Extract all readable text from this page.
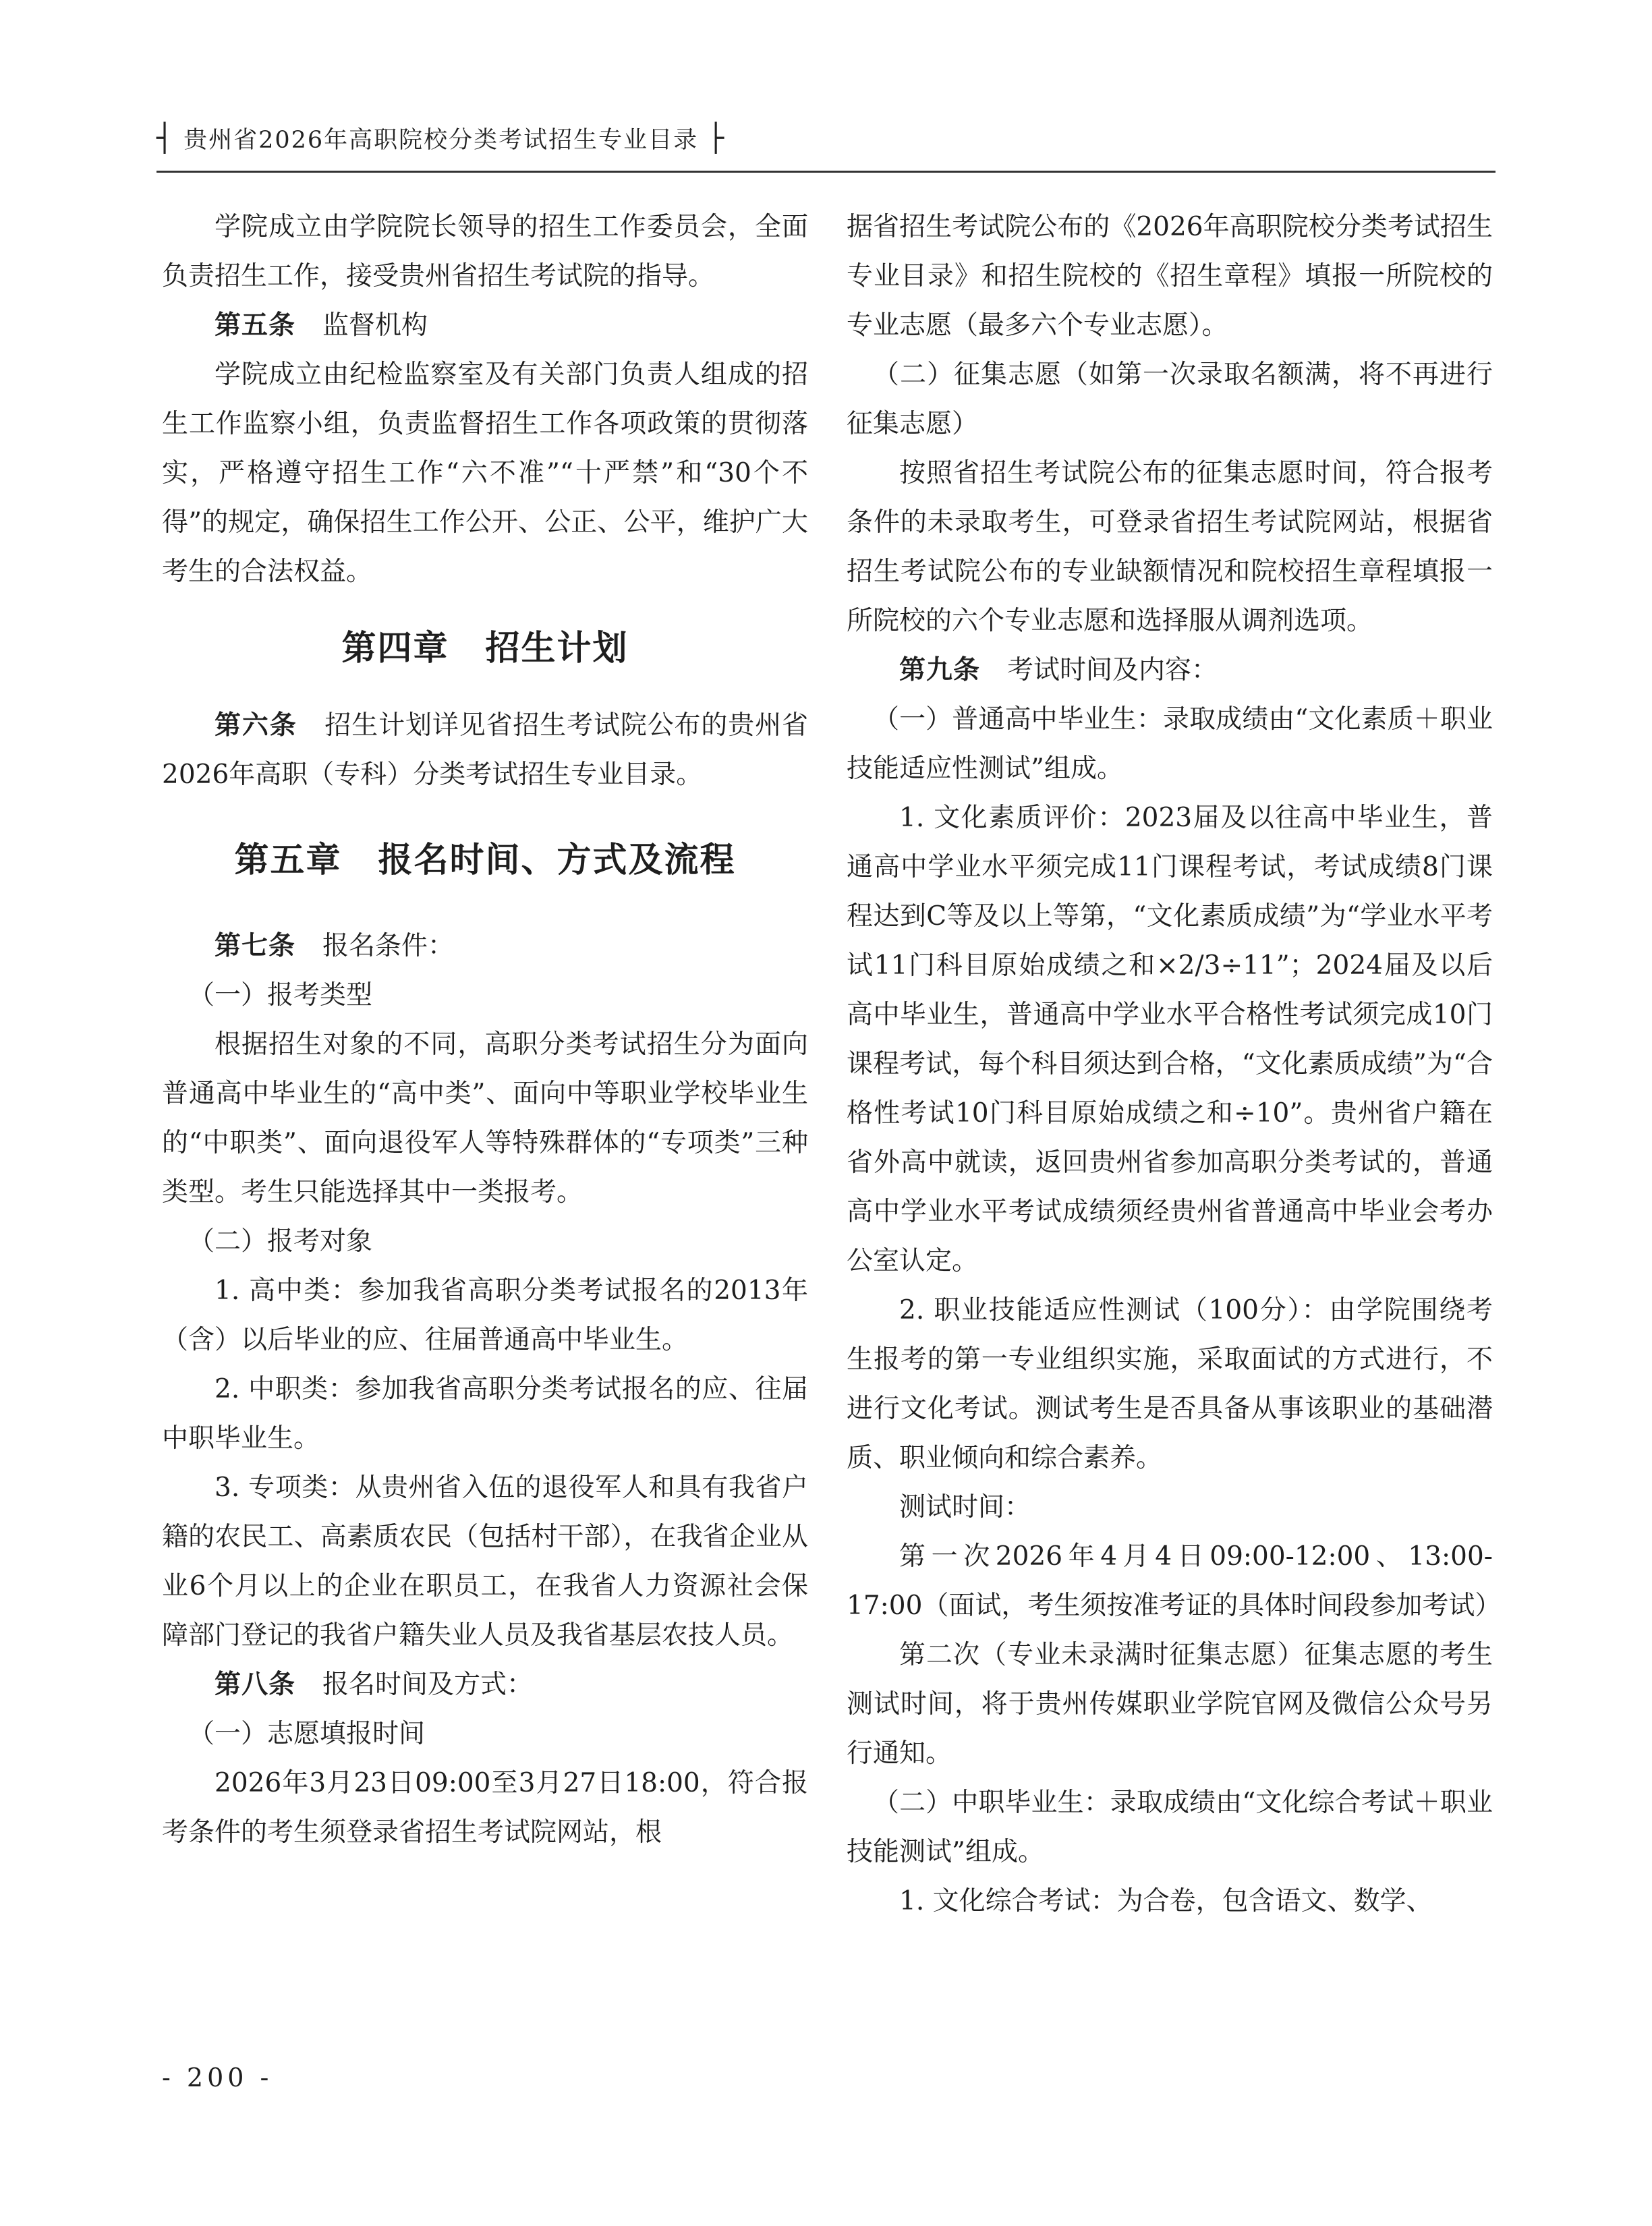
┤ 贵州省2026年高职院校分类考试招生专业目录 ├

学院成立由学院院长领导的招生工作委员会，全面负责招生工作，接受贵州省招生考试院的指导。

第五条 监督机构

学院成立由纪检监察室及有关部门负责人组成的招生工作监察小组，负责监督招生工作各项政策的贯彻落实，严格遵守招生工作“六不准”“十严禁”和“30个不得”的规定，确保招生工作公开、公正、公平，维护广大考生的合法权益。

第四章 招生计划

第六条 招生计划详见省招生考试院公布的贵州省2026年高职（专科）分类考试招生专业目录。

第五章 报名时间、方式及流程

第七条 报名条件：

（一）报考类型

根据招生对象的不同，高职分类考试招生分为面向普通高中毕业生的“高中类”、面向中等职业学校毕业生的“中职类”、面向退役军人等特殊群体的“专项类”三种类型。考生只能选择其中一类报考。

（二）报考对象

1. 高中类：参加我省高职分类考试报名的2013年（含）以后毕业的应、往届普通高中毕业生。

2. 中职类：参加我省高职分类考试报名的应、往届中职毕业生。

3. 专项类：从贵州省入伍的退役军人和具有我省户籍的农民工、高素质农民（包括村干部），在我省企业从业6个月以上的企业在职员工，在我省人力资源社会保障部门登记的我省户籍失业人员及我省基层农技人员。

第八条 报名时间及方式：

（一）志愿填报时间

2026年3月23日09:00至3月27日18:00，符合报考条件的考生须登录省招生考试院网站，根

据省招生考试院公布的《2026年高职院校分类考试招生专业目录》和招生院校的《招生章程》填报一所院校的专业志愿（最多六个专业志愿）。

（二）征集志愿（如第一次录取名额满，将不再进行征集志愿）

按照省招生考试院公布的征集志愿时间，符合报考条件的未录取考生，可登录省招生考试院网站，根据省招生考试院公布的专业缺额情况和院校招生章程填报一所院校的六个专业志愿和选择服从调剂选项。

第九条 考试时间及内容：

（一）普通高中毕业生：录取成绩由“文化素质＋职业技能适应性测试”组成。

1. 文化素质评价：2023届及以往高中毕业生，普通高中学业水平须完成11门课程考试，考试成绩8门课程达到C等及以上等第，“文化素质成绩”为“学业水平考试11门科目原始成绩之和×2/3÷11”；2024届及以后高中毕业生，普通高中学业水平合格性考试须完成10门课程考试，每个科目须达到合格，“文化素质成绩”为“合格性考试10门科目原始成绩之和÷10”。贵州省户籍在省外高中就读，返回贵州省参加高职分类考试的，普通高中学业水平考试成绩须经贵州省普通高中毕业会考办公室认定。

2. 职业技能适应性测试（100分）：由学院围绕考生报考的第一专业组织实施，采取面试的方式进行，不进行文化考试。测试考生是否具备从事该职业的基础潜质、职业倾向和综合素养。

测试时间：

第一次2026年4月4日09:00-12:00、13:00-17:00（面试，考生须按准考证的具体时间段参加考试）

第二次（专业未录满时征集志愿）征集志愿的考生测试时间，将于贵州传媒职业学院官网及微信公众号另行通知。

（二）中职毕业生：录取成绩由“文化综合考试＋职业技能测试”组成。

1. 文化综合考试：为合卷，包含语文、数学、

- 200 -
